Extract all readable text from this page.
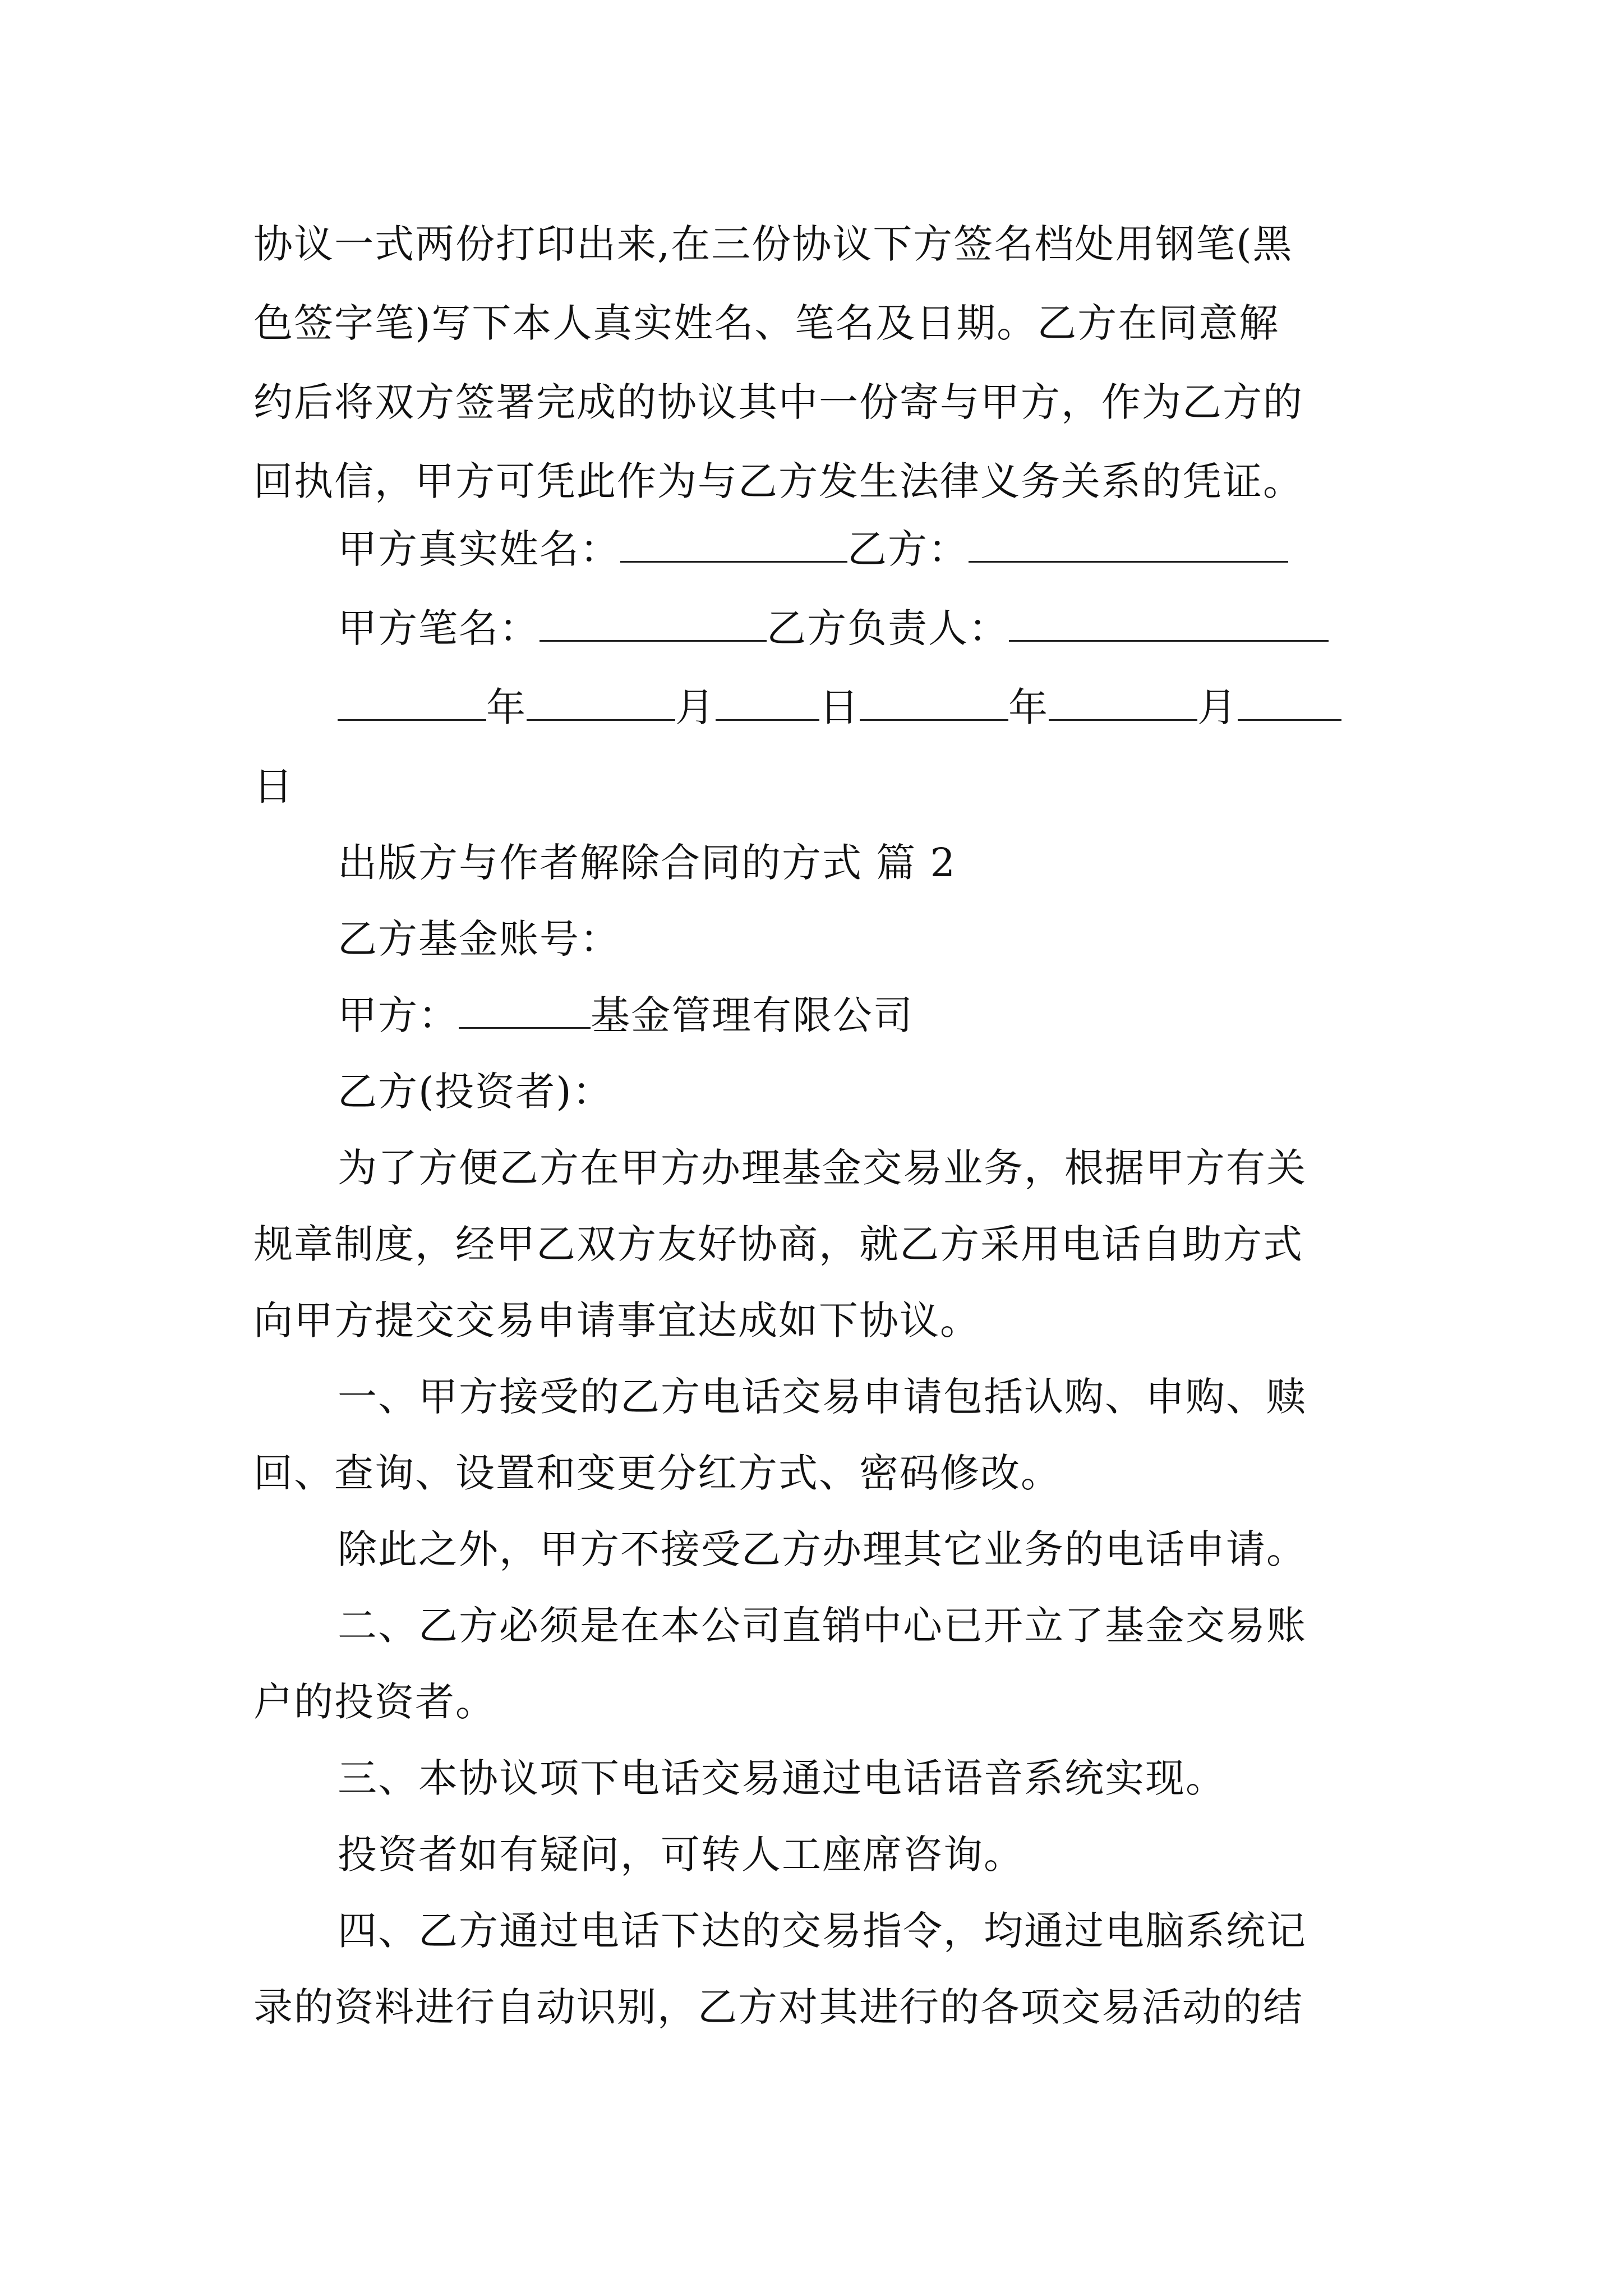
协议一式两份打印出来,在三份协议下方签名档处用钢笔(黑
色签字笔)写下本人真实姓名、笔名及日期。乙方在同意解
约后将双方签署完成的协议其中一份寄与甲方，作为乙方的
回执信，甲方可凭此作为与乙方发生法律义务关系的凭证。
甲方真实姓名：	乙方：
甲方笔名：	乙方负责人：
年	月	日	年	月
日
出版方与作者解除合同的方式 篇 2
乙方基金账号：
甲方：	基金管理有限公司
乙方(投资者)：
为了方便乙方在甲方办理基金交易业务，根据甲方有关
规章制度，经甲乙双方友好协商，就乙方采用电话自助方式
向甲方提交交易申请事宜达成如下协议。
一、甲方接受的乙方电话交易申请包括认购、申购、赎
回、查询、设置和变更分红方式、密码修改。
除此之外，甲方不接受乙方办理其它业务的电话申请。
二、乙方必须是在本公司直销中心已开立了基金交易账
户的投资者。
三、本协议项下电话交易通过电话语音系统实现。
投资者如有疑问，可转人工座席咨询。
四、乙方通过电话下达的交易指令，均通过电脑系统记
录的资料进行自动识别，乙方对其进行的各项交易活动的结
